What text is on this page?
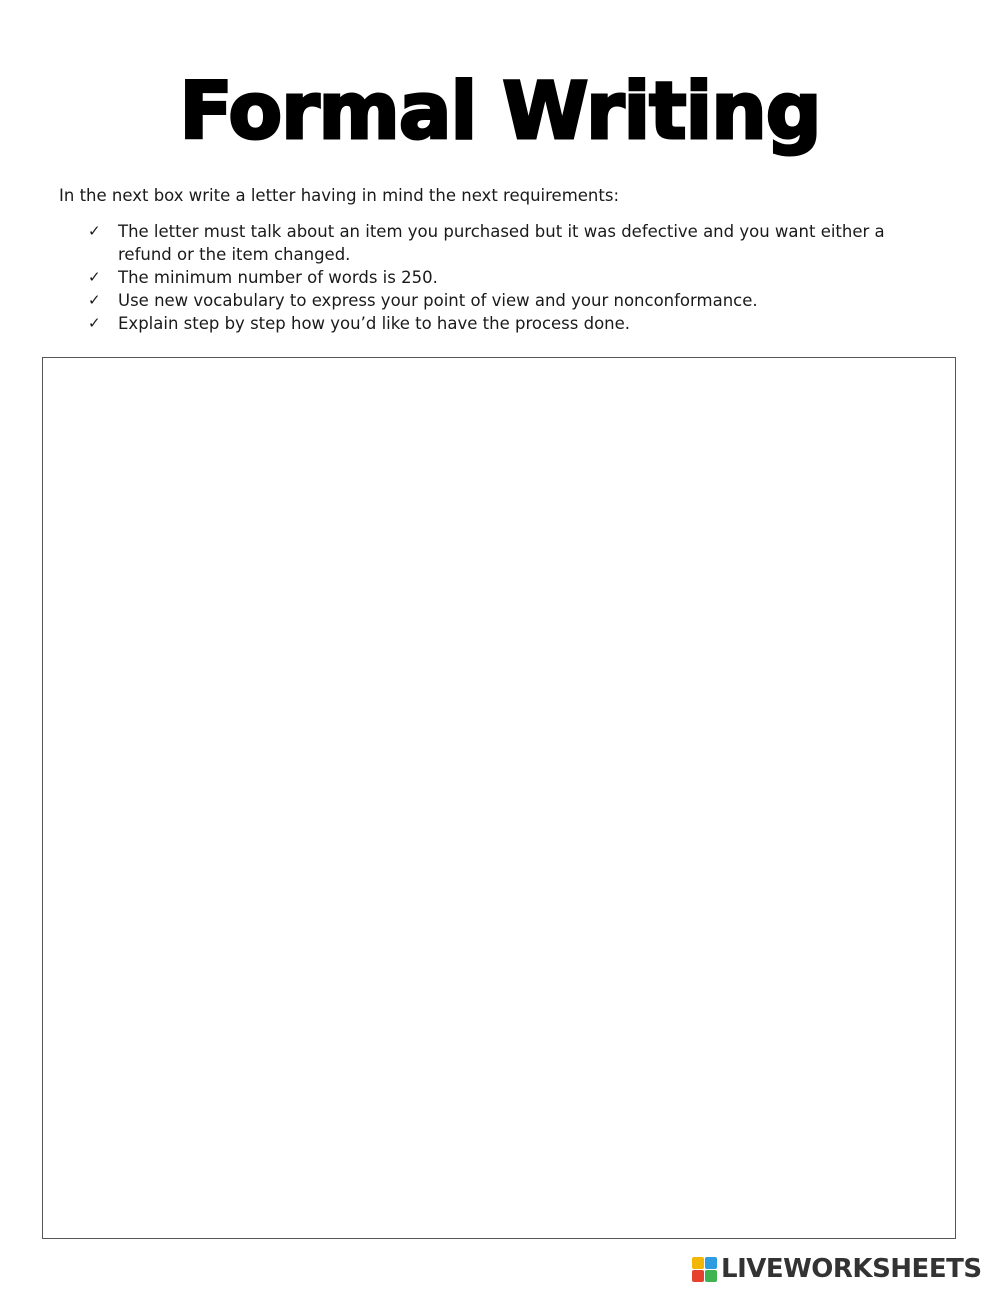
Formal Writing

In the next box write a letter having in mind the next requirements:

✓	The letter must talk about an item you purchased but it was defective and you want either a refund or the item changed.
✓	The minimum number of words is 250.
✓	Use new vocabulary to express your point of view and your nonconformance.
✓	Explain step by step how you’d like to have the process done.
LIVEWORKSHEETS
